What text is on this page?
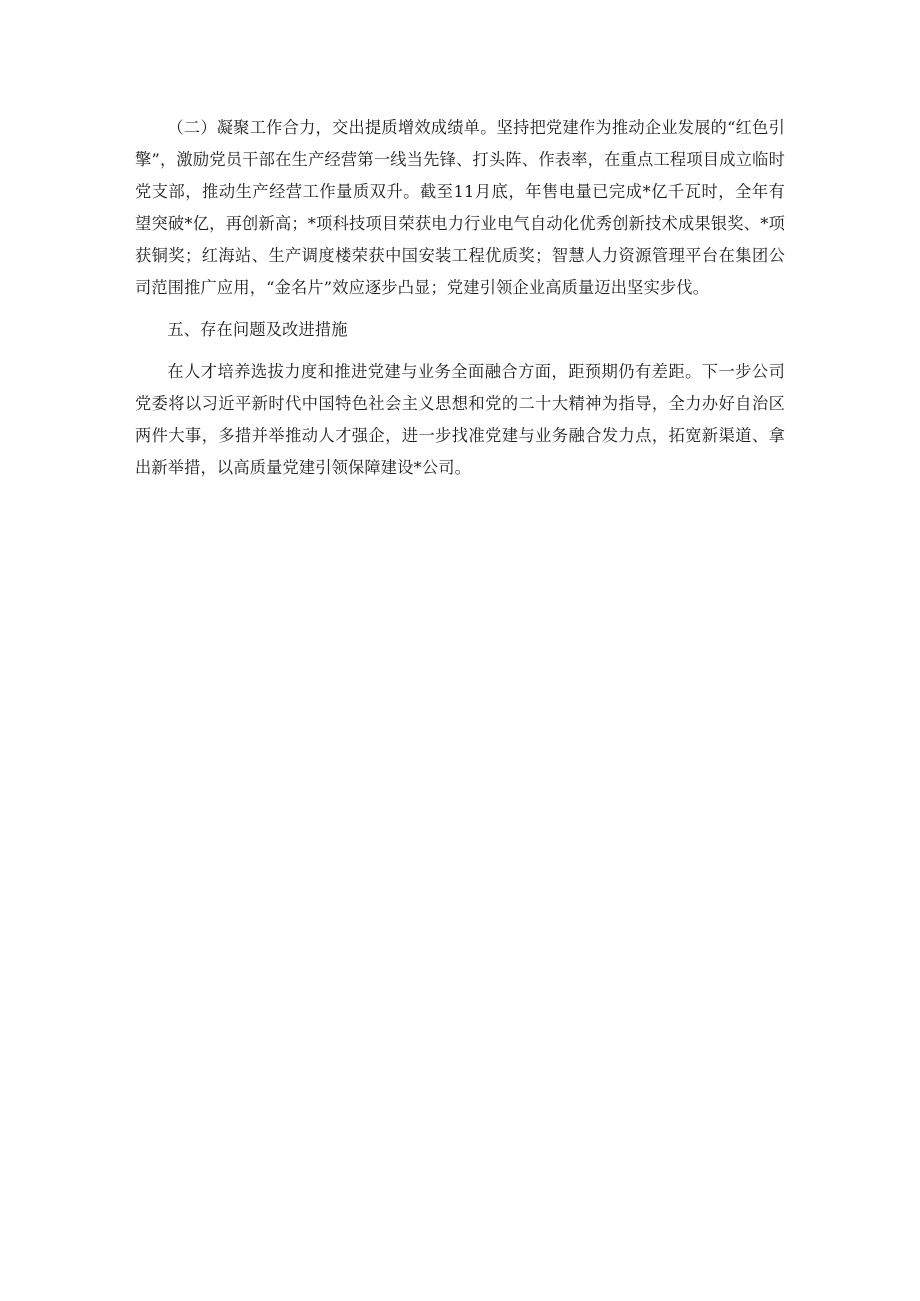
（二）凝聚工作合力，交出提质增效成绩单。坚持把党建作为推动企业发展的“红色引擎”，激励党员干部在生产经营第一线当先锋、打头阵、作表率，在重点工程项目成立临时党支部，推动生产经营工作量质双升。截至11月底，年售电量已完成*亿千瓦时，全年有望突破*亿，再创新高；*项科技项目荣获电力行业电气自动化优秀创新技术成果银奖、*项获铜奖；红海站、生产调度楼荣获中国安装工程优质奖；智慧人力资源管理平台在集团公司范围推广应用，“金名片”效应逐步凸显；党建引领企业高质量迈出坚实步伐。

五、存在问题及改进措施

在人才培养选拔力度和推进党建与业务全面融合方面，距预期仍有差距。下一步公司党委将以习近平新时代中国特色社会主义思想和党的二十大精神为指导，全力办好自治区两件大事，多措并举推动人才强企，进一步找准党建与业务融合发力点，拓宽新渠道、拿出新举措，以高质量党建引领保障建设*公司。
